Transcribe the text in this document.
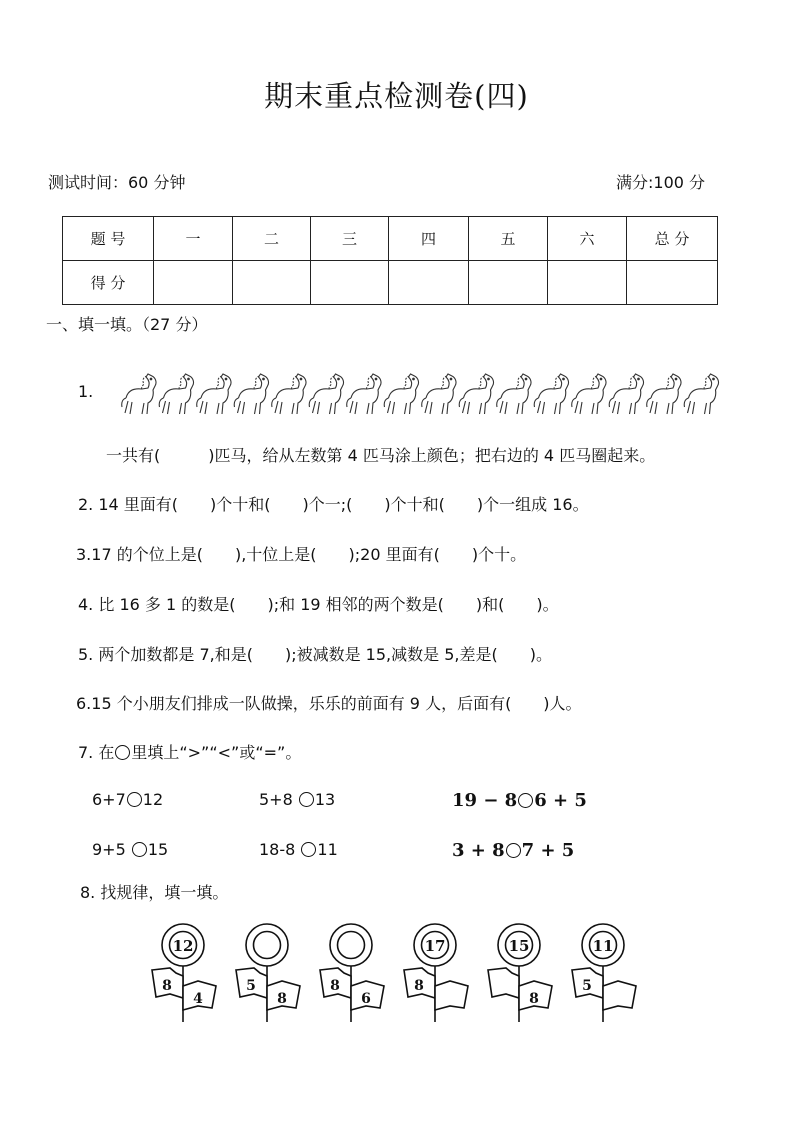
期末重点检测卷(四)
测试时间：60 分钟	满分:100 分
题 号	一	二	三	四	五	六	总 分
得 分							
一、填一填。（27 分）
1.
一共有(　　　)匹马，给从左数第 4 匹马涂上颜色；把右边的 4 匹马圈起来。
2. 14 里面有(　　)个十和(　　)个一;(　　)个十和(　　)个一组成 16。
3.17 的个位上是(　　),十位上是(　　);20 里面有(　　)个十。
4. 比 16 多 1 的数是(　　);和 19 相邻的两个数是(　　)和(　　)。
5. 两个加数都是 7,和是(　　);被减数是 15,减数是 5,差是(　　)。
6.15 个小朋友们排成一队做操，乐乐的前面有 9 人，后面有(　　)人。
7. 在 里填上“>”“<”或“=”。
6+7 12	5+8 13	19 − 8 6 + 5
9+5 15	18-8 11	3 + 8 7 + 5
8. 找规律，填一填。
12
8
4
5
8
8
6
17
8
15
8
11
5
